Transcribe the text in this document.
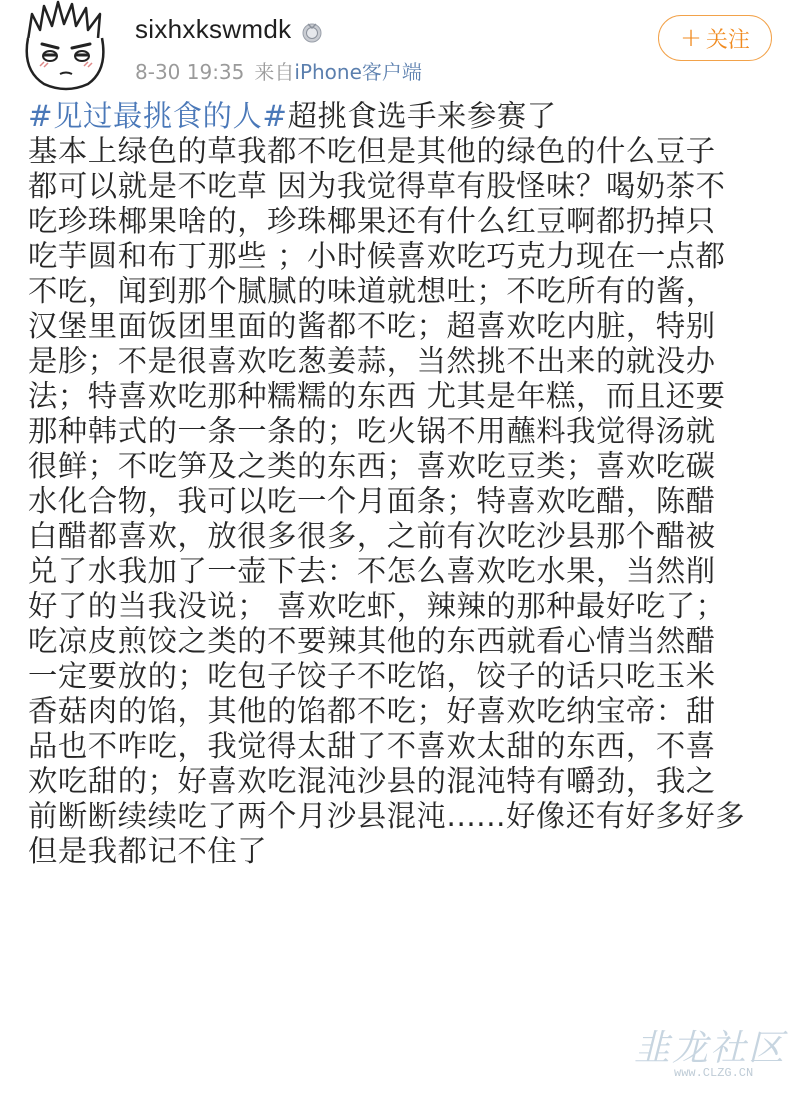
sixhxkswmdk
8-30 19:35 来自iPhone客户端
+ 关注

#见过最挑食的人#超挑食选手来参赛了
基本上绿色的草我都不吃但是其他的绿色的什么豆子
都可以就是不吃草 因为我觉得草有股怪味？喝奶茶不
吃珍珠椰果啥的，珍珠椰果还有什么红豆啊都扔掉只
吃芋圆和布丁那些 ；小时候喜欢吃巧克力现在一点都
不吃，闻到那个腻腻的味道就想吐；不吃所有的酱，
汉堡里面饭团里面的酱都不吃；超喜欢吃内脏，特别
是胗；不是很喜欢吃葱姜蒜，当然挑不出来的就没办
法；特喜欢吃那种糯糯的东西 尤其是年糕，而且还要
那种韩式的一条一条的；吃火锅不用蘸料我觉得汤就
很鲜；不吃笋及之类的东西；喜欢吃豆类；喜欢吃碳
水化合物，我可以吃一个月面条；特喜欢吃醋，陈醋
白醋都喜欢，放很多很多，之前有次吃沙县那个醋被
兑了水我加了一壶下去：不怎么喜欢吃水果，当然削
好了的当我没说； 喜欢吃虾，辣辣的那种最好吃了；
吃凉皮煎饺之类的不要辣其他的东西就看心情当然醋
一定要放的；吃包子饺子不吃馅，饺子的话只吃玉米
香菇肉的馅，其他的馅都不吃；好喜欢吃纳宝帝：甜
品也不咋吃，我觉得太甜了不喜欢太甜的东西，不喜
欢吃甜的；好喜欢吃混沌沙县的混沌特有嚼劲，我之
前断断续续吃了两个月沙县混沌......好像还有好多好多
但是我都记不住了

韭龙社区
www.CLZG.CN
